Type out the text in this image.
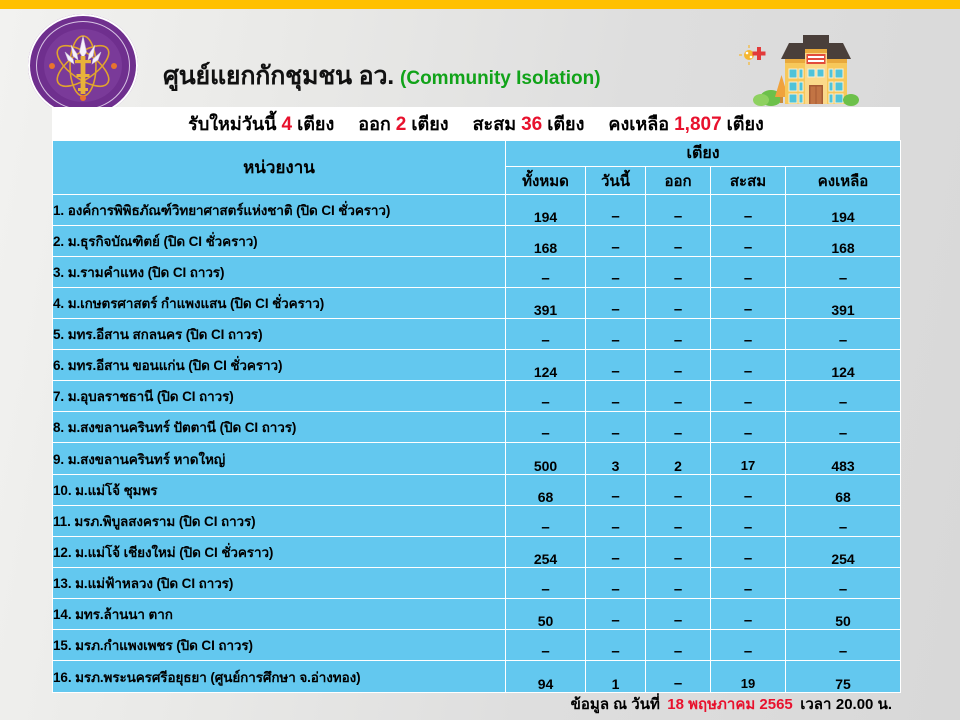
ศูนย์แยกกักชุมชน อว. (Community Isolation)
รับใหม่วันนี้ 4 เตียง ออก 2 เตียง สะสม 36 เตียง คงเหลือ 1,807 เตียง
หน่วยงาน	เตียง				
	ทั้งหมด	วันนี้	ออก	สะสม	คงเหลือ
1. องค์การพิพิธภัณฑ์วิทยาศาสตร์แห่งชาติ (ปิด CI ชั่วคราว)	194	–	–	–	194
2. ม.ธุรกิจบัณฑิตย์ (ปิด CI ชั่วคราว)	168	–	–	–	168
3. ม.รามคำแหง (ปิด CI ถาวร)	–	–	–	–	–
4. ม.เกษตรศาสตร์ กำแพงแสน (ปิด CI ชั่วคราว)	391	–	–	–	391
5. มทร.อีสาน สกลนคร (ปิด CI ถาวร)	–	–	–	–	–
6. มทร.อีสาน ขอนแก่น (ปิด CI ชั่วคราว)	124	–	–	–	124
7. ม.อุบลราชธานี (ปิด CI ถาวร)	–	–	–	–	–
8. ม.สงขลานครินทร์ ปัตตานี (ปิด CI ถาวร)	–	–	–	–	–
9. ม.สงขลานครินทร์ หาดใหญ่	500	3	2	17	483
10. ม.แม่โจ้ ชุมพร	68	–	–	–	68
11. มรภ.พิบูลสงคราม (ปิด CI ถาวร)	–	–	–	–	–
12. ม.แม่โจ้ เชียงใหม่ (ปิด CI ชั่วคราว)	254	–	–	–	254
13. ม.แม่ฟ้าหลวง (ปิด CI ถาวร)	–	–	–	–	–
14. มทร.ล้านนา ตาก	50	–	–	–	50
15. มรภ.กำแพงเพชร (ปิด CI ถาวร)	–	–	–	–	–
16. มรภ.พระนครศรีอยุธยา (ศูนย์การศึกษา จ.อ่างทอง)	94	1	–	19	75
ข้อมูล ณ วันที่ 18 พฤษภาคม 2565 เวลา 20.00 น.
